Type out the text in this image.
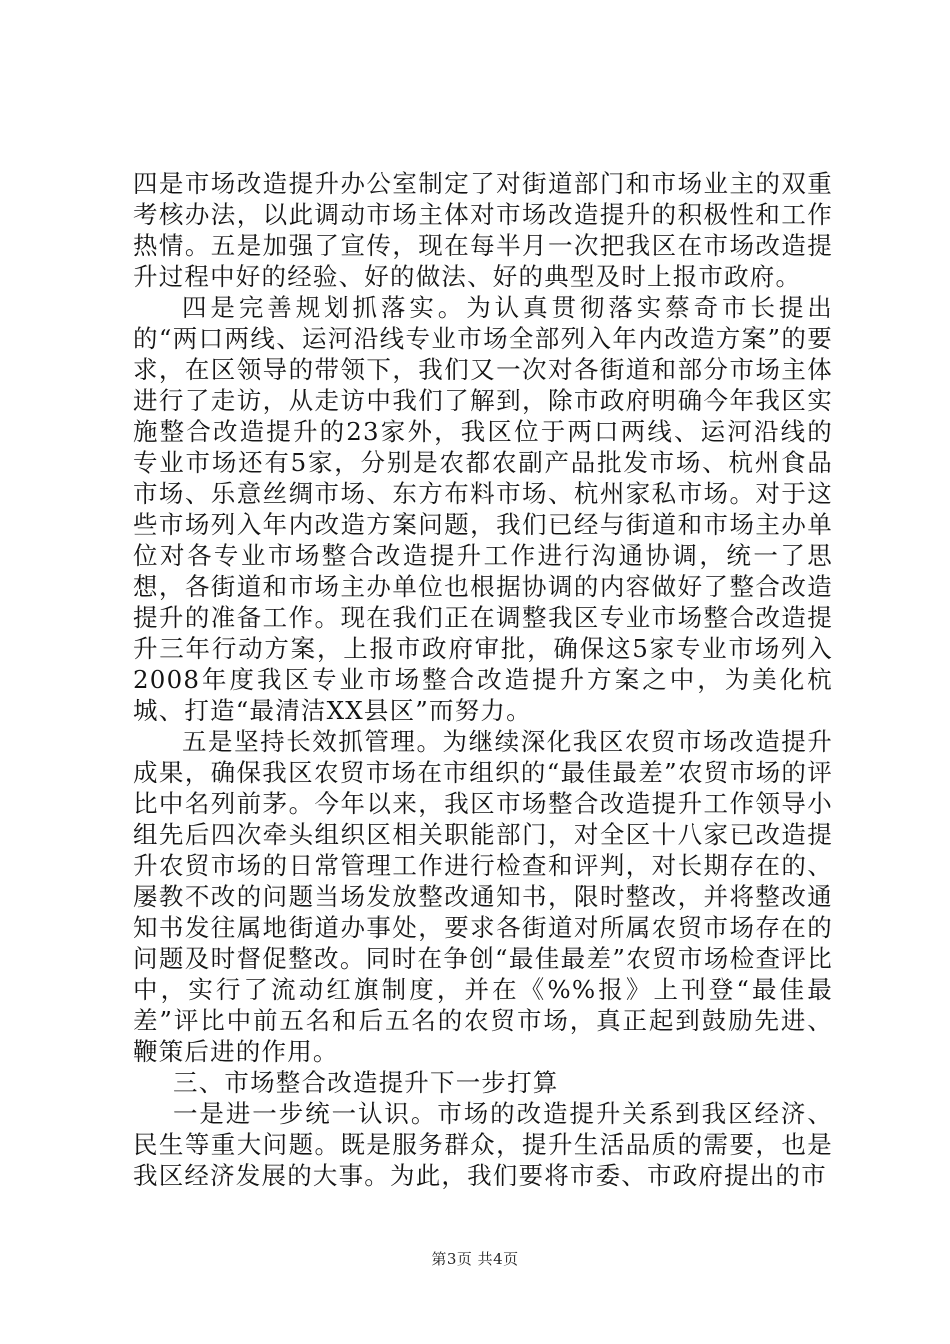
四是市场改造提升办公室制定了对街道部门和市场业主的双重考核办法，以此调动市场主体对市场改造提升的积极性和工作热情。五是加强了宣传，现在每半月一次把我区在市场改造提升过程中好的经验、好的做法、好的典型及时上报市政府。

四是完善规划抓落实。为认真贯彻落实蔡奇市长提出的“两口两线、运河沿线专业市场全部列入年内改造方案”的要求，在区领导的带领下，我们又一次对各街道和部分市场主体进行了走访，从走访中我们了解到，除市政府明确今年我区实施整合改造提升的23家外，我区位于两口两线、运河沿线的专业市场还有5家，分别是农都农副产品批发市场、杭州食品市场、乐意丝绸市场、东方布料市场、杭州家私市场。对于这些市场列入年内改造方案问题，我们已经与街道和市场主办单位对各专业市场整合改造提升工作进行沟通协调，统一了思想，各街道和市场主办单位也根据协调的内容做好了整合改造提升的准备工作。现在我们正在调整我区专业市场整合改造提升三年行动方案，上报市政府审批，确保这5家专业市场列入2008年度我区专业市场整合改造提升方案之中，为美化杭城、打造“最清洁XX县区”而努力。

五是坚持长效抓管理。为继续深化我区农贸市场改造提升成果，确保我区农贸市场在市组织的“最佳最差”农贸市场的评比中名列前茅。今年以来，我区市场整合改造提升工作领导小组先后四次牵头组织区相关职能部门，对全区十八家已改造提升农贸市场的日常管理工作进行检查和评判，对长期存在的、屡教不改的问题当场发放整改通知书，限时整改，并将整改通知书发往属地街道办事处，要求各街道对所属农贸市场存在的问题及时督促整改。同时在争创“最佳最差”农贸市场检查评比中，实行了流动红旗制度，并在《%%报》上刊登“最佳最差”评比中前五名和后五名的农贸市场，真正起到鼓励先进、鞭策后进的作用。

三、市场整合改造提升下一步打算

一是进一步统一认识。市场的改造提升关系到我区经济、民生等重大问题。既是服务群众，提升生活品质的需要，也是我区经济发展的大事。为此，我们要将市委、市政府提出的市

第3页 共4页
